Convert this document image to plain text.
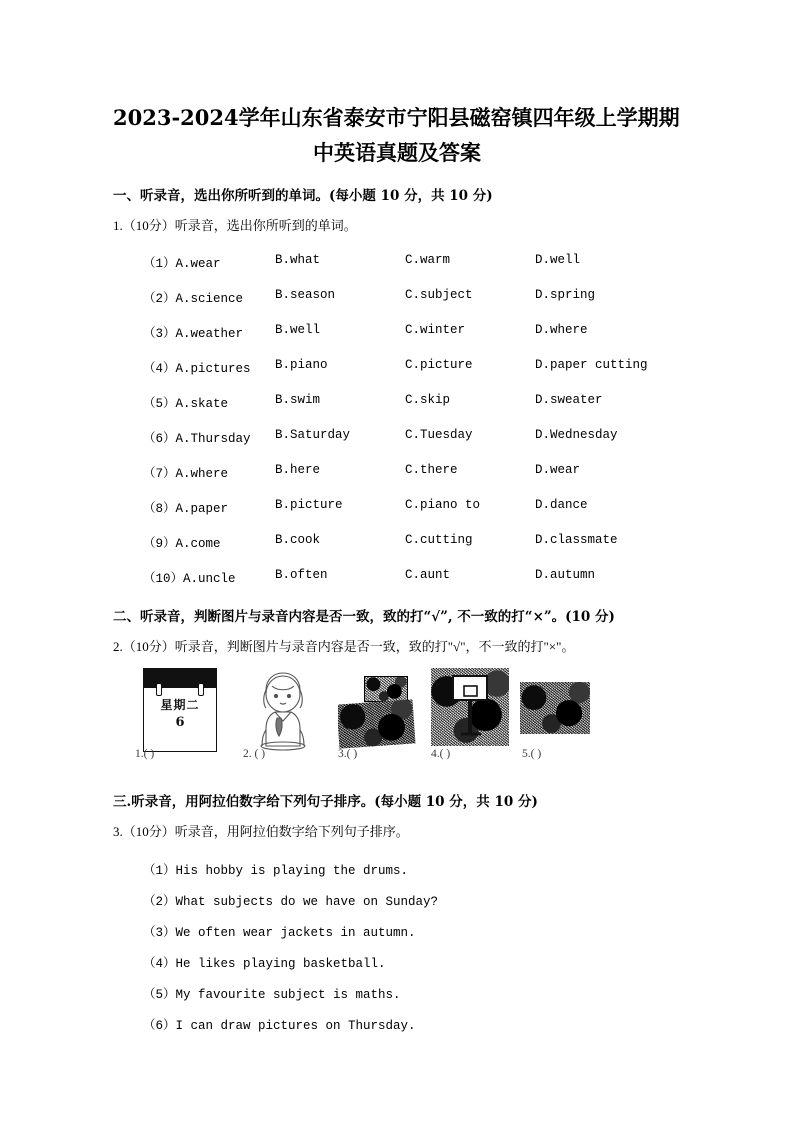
2023-2024学年山东省泰安市宁阳县磁窑镇四年级上学期期
中英语真题及答案
一、听录音，选出你所听到的单词。(每小题 10 分，共 10 分)
1.（10分）听录音，选出你所听到的单词。
（1）A.wear	B.what	C.warm	D.well
（2）A.science	B.season	C.subject	D.spring
（3）A.weather	B.well	C.winter	D.where
（4）A.pictures B.piano	C.picture	D.paper cutting
（5）A.skate	B.swim	C.skip	D.sweater
（6）A.Thursday B.Saturday	C.Tuesday	D.Wednesday
（7）A.where	B.here	C.there	D.wear
（8）A.paper	B.picture	C.piano to	D.dance
（9）A.come	B.cook	C.cutting	D.classmate
（10）A.uncle	B.often	C.aunt	D.autumn
二、听录音，判断图片与录音内容是否一致，致的打“√”, 不一致的打“×”。(10 分)
2.（10分）听录音，判断图片与录音内容是否一致，致的打"√"，不一致的打"×"。
星期二
6
1.( )	2. ( )	3.( )	4.( )	5.( )
三.听录音，用阿拉伯数字给下列句子排序。(每小题 10 分，共 10 分)
3.（10分）听录音，用阿拉伯数字给下列句子排序。
（1）His hobby is playing the drums.
（2）What subjects do we have on Sunday?
（3）We often wear jackets in autumn.
（4）He likes playing basketball.
（5）My favourite subject is maths.
（6）I can draw pictures on Thursday.
